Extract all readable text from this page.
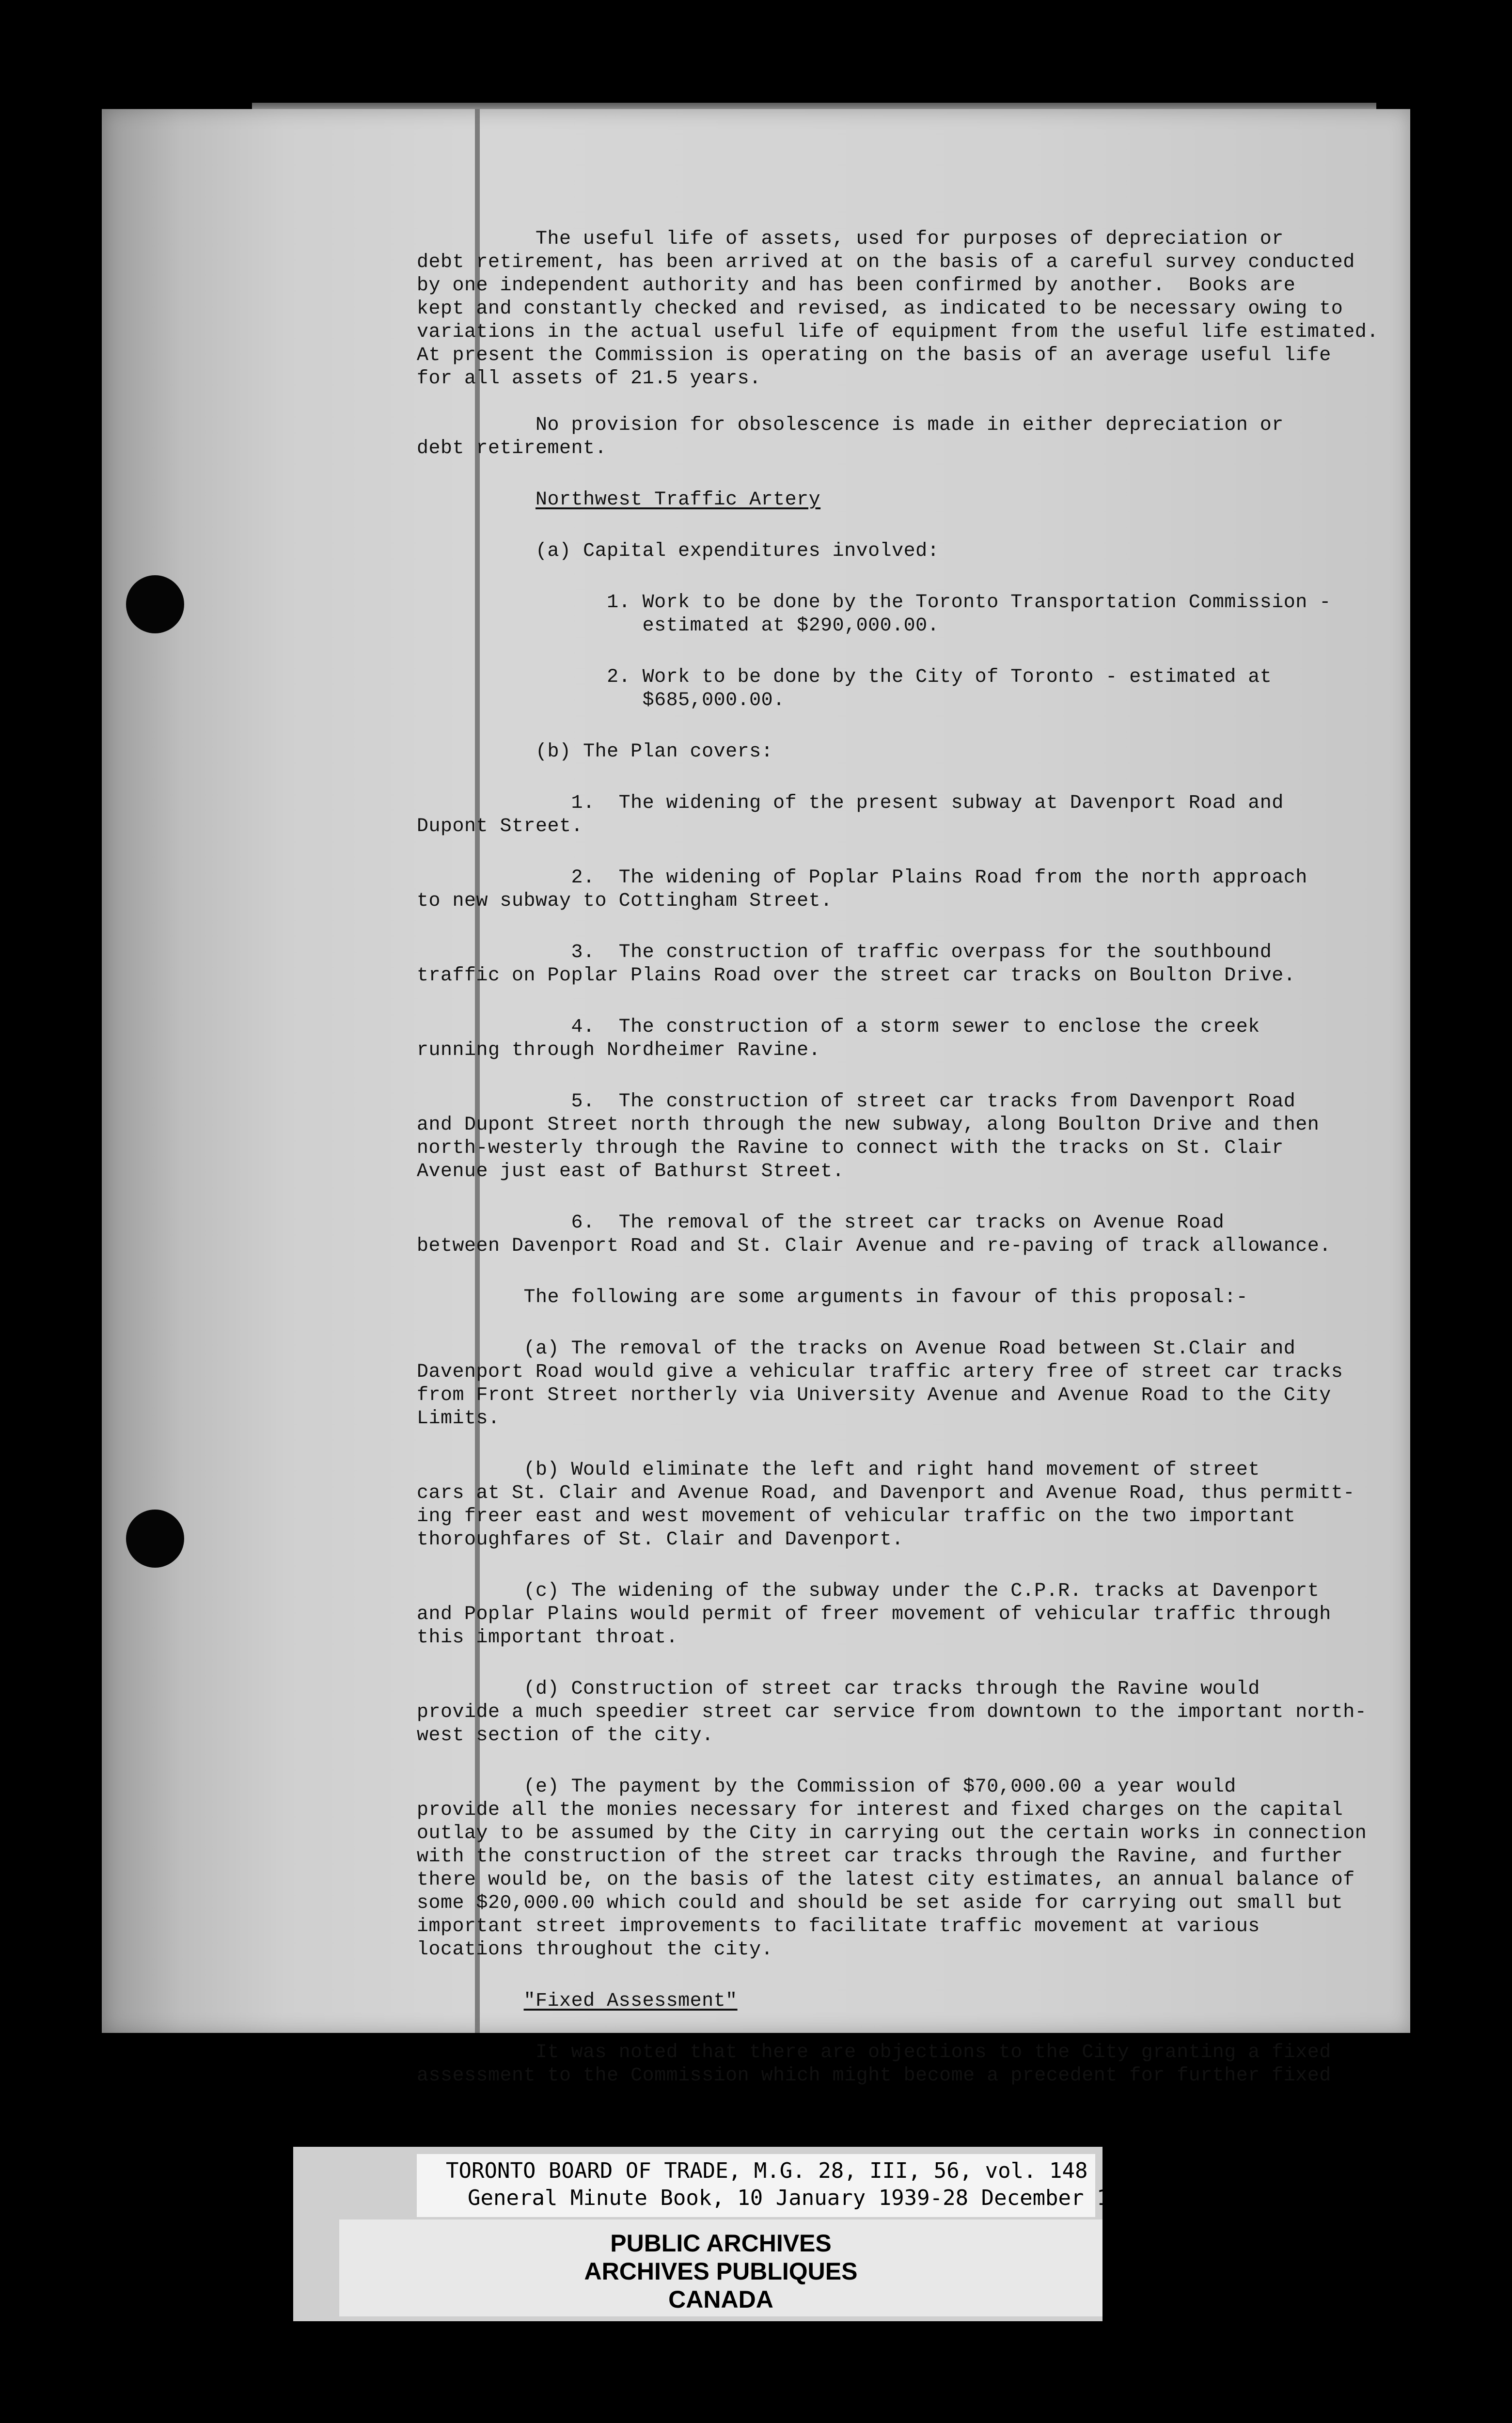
The useful life of assets, used for purposes of depreciation or

debt retirement, has been arrived at on the basis of a careful survey conducted

by one independent authority and has been confirmed by another.  Books are

kept and constantly checked and revised, as indicated to be necessary owing to

variations in the actual useful life of equipment from the useful life estimated.

At present the Commission is operating on the basis of an average useful life

for all assets of 21.5 years.

No provision for obsolescence is made in either depreciation or

debt retirement.

Northwest Traffic Artery

(a) Capital expenditures involved:

1. Work to be done by the Toronto Transportation Commission -

estimated at $290,000.00.

2. Work to be done by the City of Toronto - estimated at

$685,000.00.

(b) The Plan covers:

1.  The widening of the present subway at Davenport Road and

Dupont Street.

2.  The widening of Poplar Plains Road from the north approach

to new subway to Cottingham Street.

3.  The construction of traffic overpass for the southbound

traffic on Poplar Plains Road over the street car tracks on Boulton Drive.

4.  The construction of a storm sewer to enclose the creek

running through Nordheimer Ravine.

5.  The construction of street car tracks from Davenport Road

and Dupont Street north through the new subway, along Boulton Drive and then

north-westerly through the Ravine to connect with the tracks on St. Clair

Avenue just east of Bathurst Street.

6.  The removal of the street car tracks on Avenue Road

between Davenport Road and St. Clair Avenue and re-paving of track allowance.

The following are some arguments in favour of this proposal:-

(a) The removal of the tracks on Avenue Road between St.Clair and

Davenport Road would give a vehicular traffic artery free of street car tracks

from Front Street northerly via University Avenue and Avenue Road to the City

Limits.

(b) Would eliminate the left and right hand movement of street

cars at St. Clair and Avenue Road, and Davenport and Avenue Road, thus permitt-

ing freer east and west movement of vehicular traffic on the two important

thoroughfares of St. Clair and Davenport.

(c) The widening of the subway under the C.P.R. tracks at Davenport

and Poplar Plains would permit of freer movement of vehicular traffic through

this important throat.

(d) Construction of street car tracks through the Ravine would

provide a much speedier street car service from downtown to the important north-

west section of the city.

(e) The payment by the Commission of $70,000.00 a year would

provide all the monies necessary for interest and fixed charges on the capital

outlay to be assumed by the City in carrying out the certain works in connection

with the construction of the street car tracks through the Ravine, and further

there would be, on the basis of the latest city estimates, an annual balance of

some $20,000.00 which could and should be set aside for carrying out small but

important street improvements to facilitate traffic movement at various

locations throughout the city.

"Fixed Assessment"

It was noted that there are objections to the City granting a fixed

assessment to the Commission which might become a precedent for further fixed

TORONTO BOARD OF TRADE, M.G. 28, III, 56, vol. 148
General Minute Book, 10 January 1939-28 December 1944
PUBLIC ARCHIVES
ARCHIVES PUBLIQUES
CANADA
